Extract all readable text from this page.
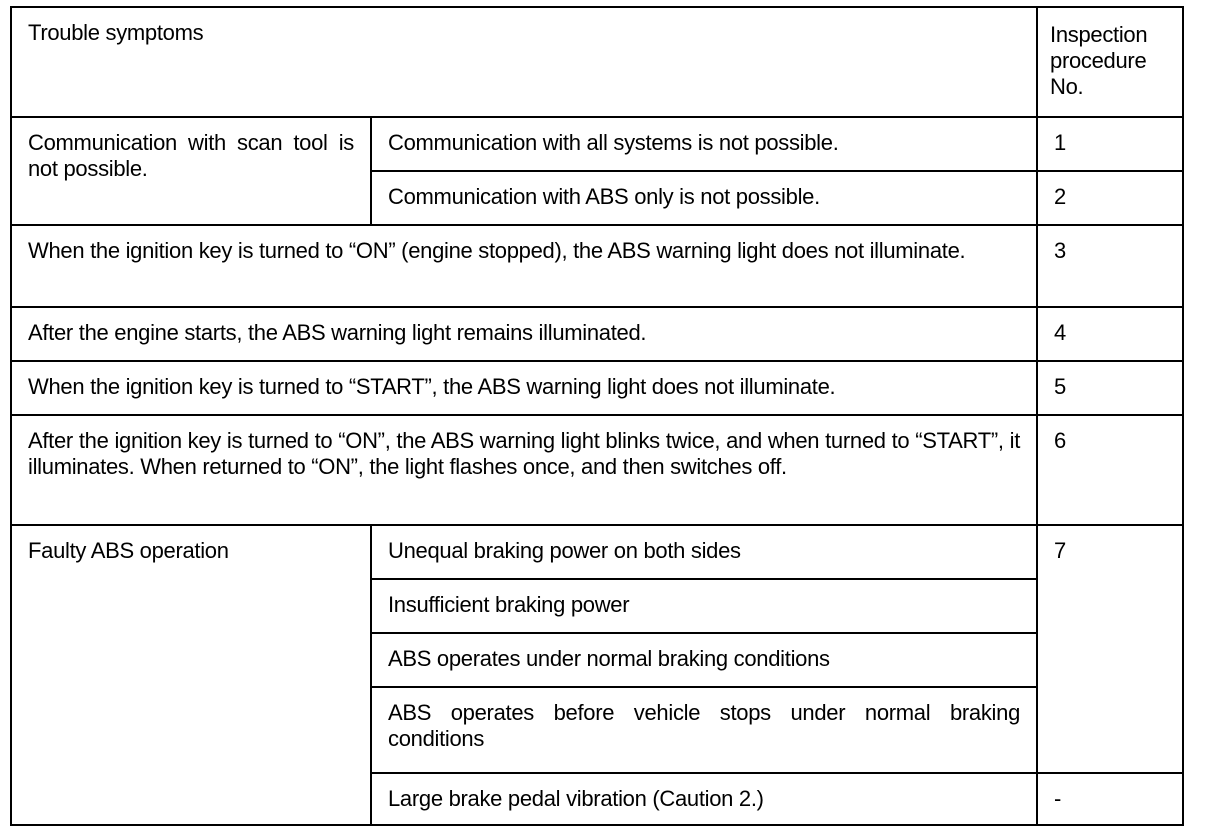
Trouble symptoms		Inspection procedure No.
Communication with scan tool is not possible.	Communication with all systems is not possible.	1
	Communication with ABS only is not possible.	2
When the ignition key is turned to “ON” (engine stopped), the ABS warning light does not illuminate.		3
After the engine starts, the ABS warning light remains illuminated.		4
When the ignition key is turned to “START”, the ABS warning light does not illuminate.		5
After the ignition key is turned to “ON”, the ABS warning light blinks twice, and when turned to “START”, it illuminates. When returned to “ON”, the light flashes once, and then switches off.		6
Faulty ABS operation	Unequal braking power on both sides	7
	Insufficient braking power	
	ABS operates under normal braking conditions	
	ABS operates before vehicle stops under normal braking conditions	
	Large brake pedal vibration (Caution 2.)	-
